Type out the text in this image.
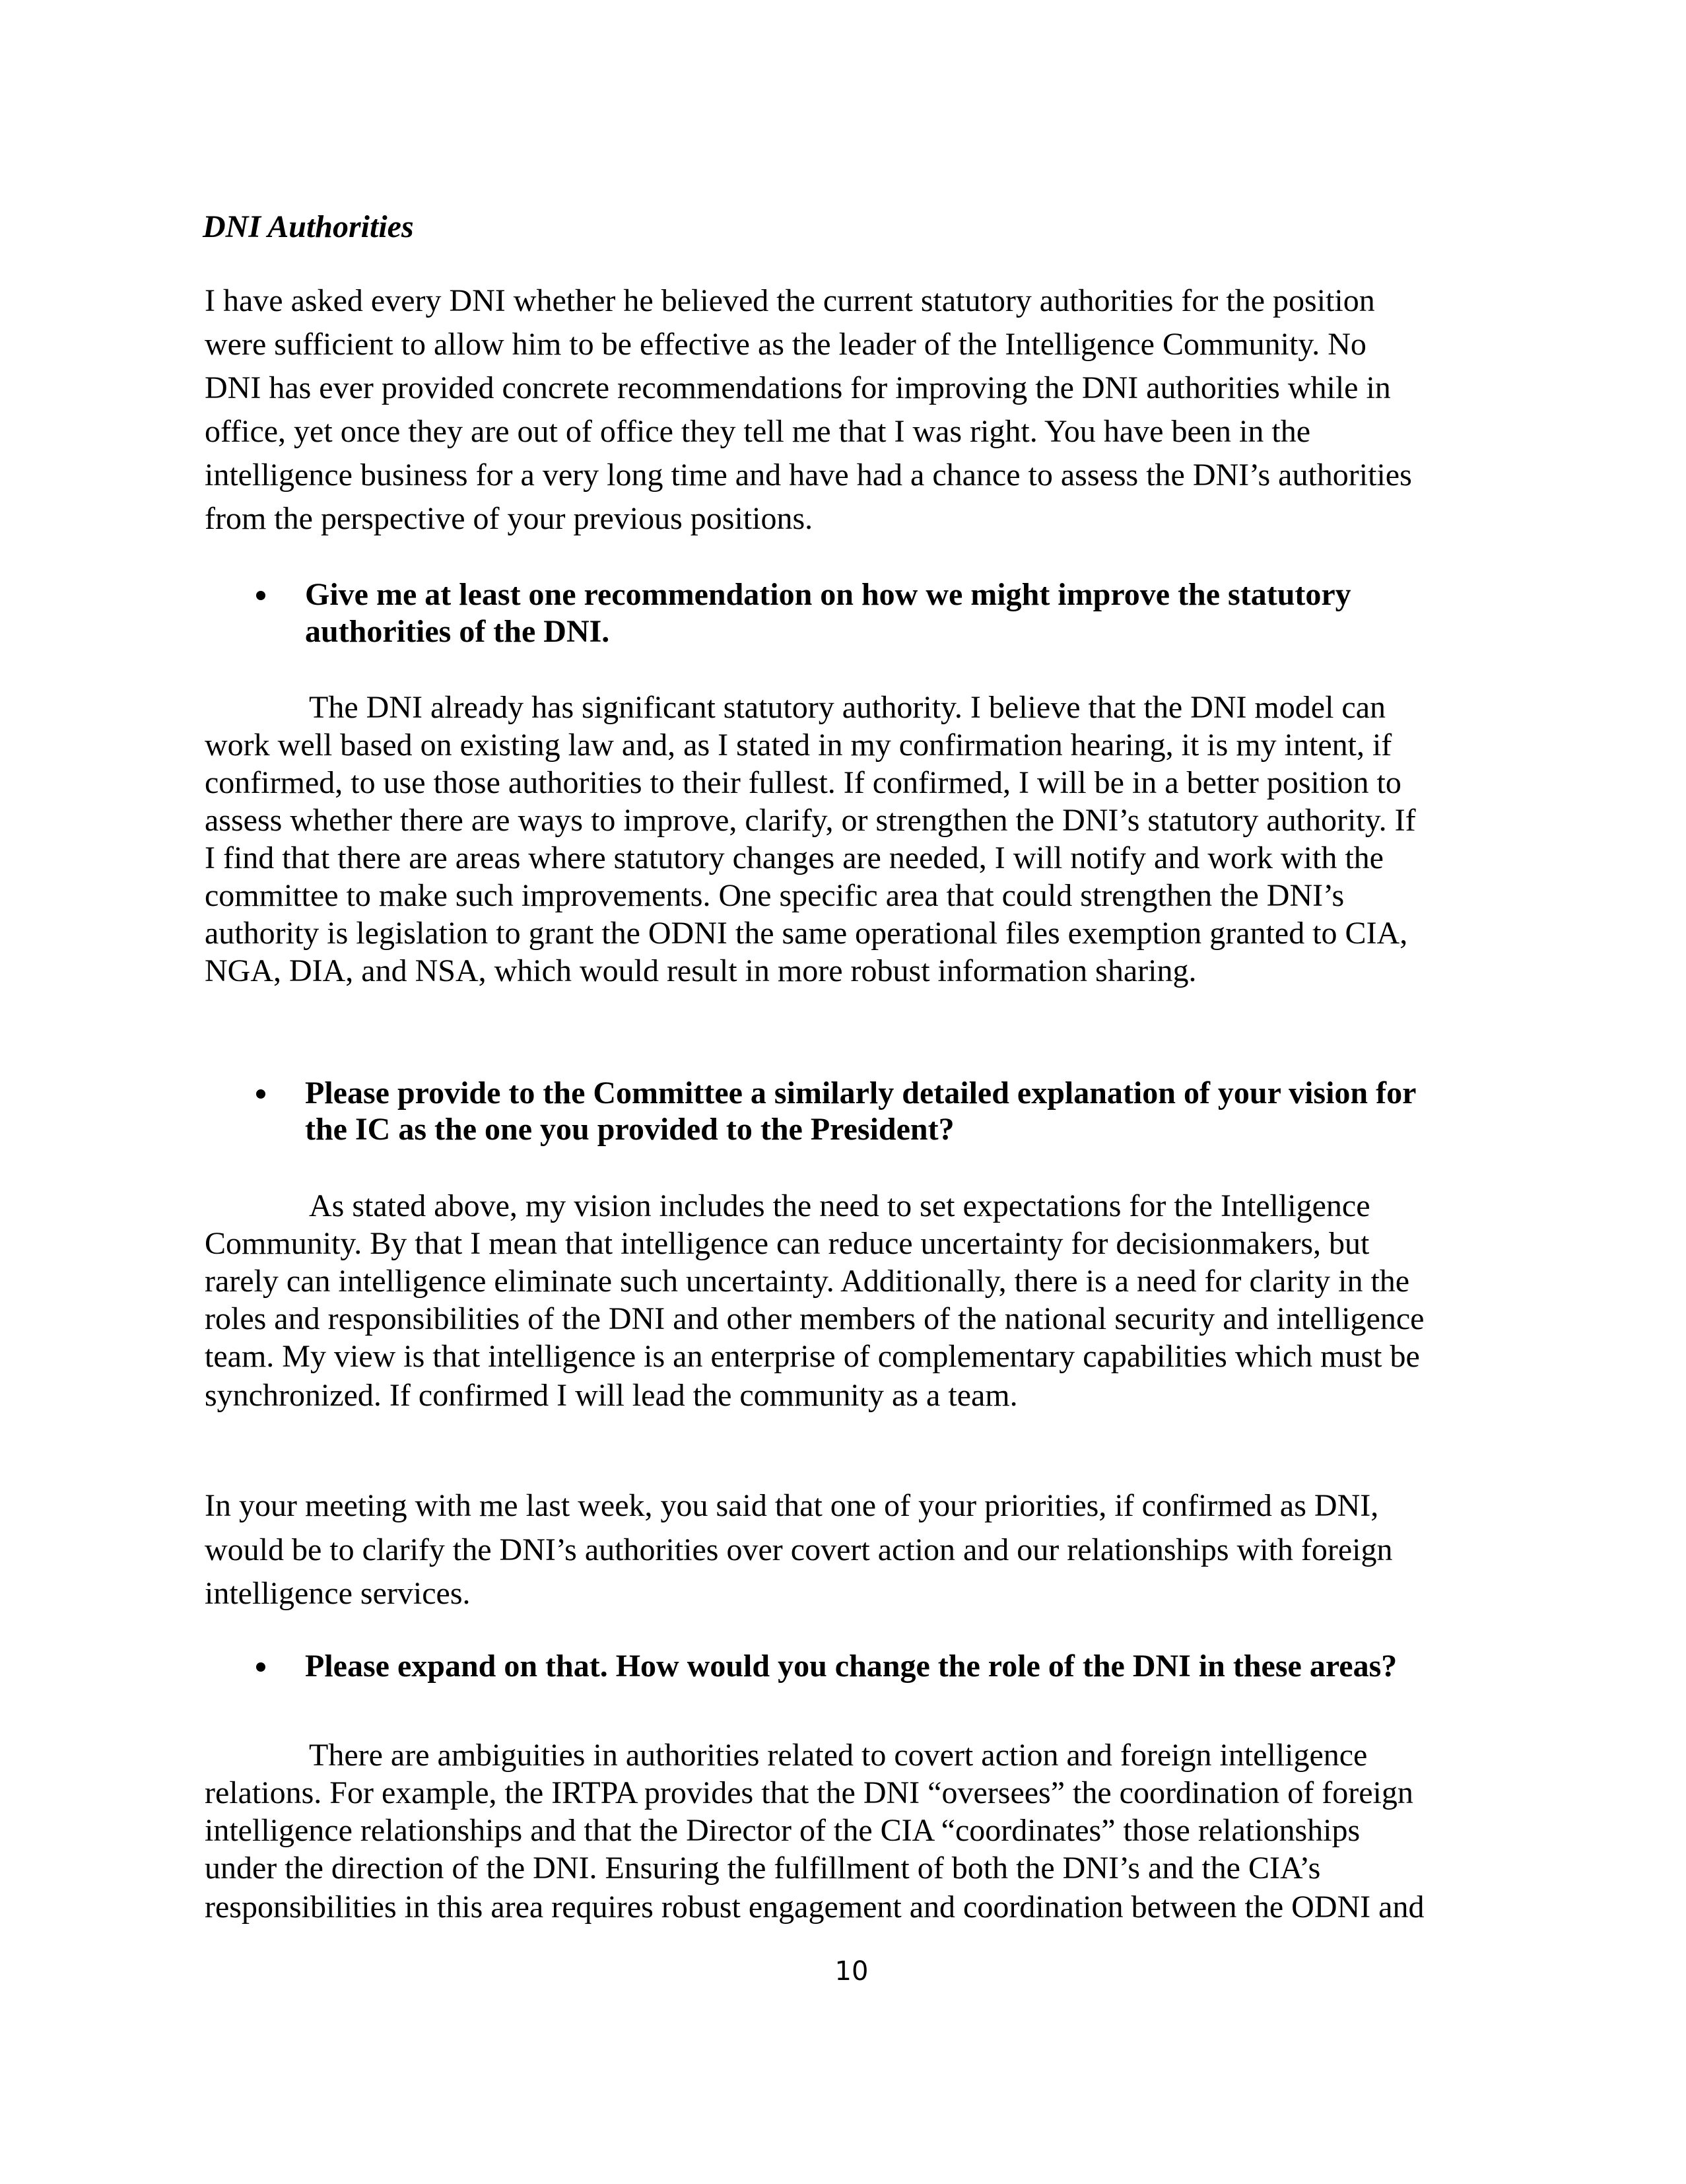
DNI Authorities
I have asked every DNI whether he believed the current statutory authorities for the position
were sufficient to allow him to be effective as the leader of the Intelligence Community. No
DNI has ever provided concrete recommendations for improving the DNI authorities while in
office, yet once they are out of office they tell me that I was right. You have been in the
intelligence business for a very long time and have had a chance to assess the DNI’s authorities
from the perspective of your previous positions.
Give me at least one recommendation on how we might improve the statutory
authorities of the DNI.
The DNI already has significant statutory authority. I believe that the DNI model can
work well based on existing law and, as I stated in my confirmation hearing, it is my intent, if
confirmed, to use those authorities to their fullest. If confirmed, I will be in a better position to
assess whether there are ways to improve, clarify, or strengthen the DNI’s statutory authority. If
I find that there are areas where statutory changes are needed, I will notify and work with the
committee to make such improvements. One specific area that could strengthen the DNI’s
authority is legislation to grant the ODNI the same operational files exemption granted to CIA,
NGA, DIA, and NSA, which would result in more robust information sharing.
Please provide to the Committee a similarly detailed explanation of your vision for
the IC as the one you provided to the President?
As stated above, my vision includes the need to set expectations for the Intelligence
Community. By that I mean that intelligence can reduce uncertainty for decisionmakers, but
rarely can intelligence eliminate such uncertainty. Additionally, there is a need for clarity in the
roles and responsibilities of the DNI and other members of the national security and intelligence
team. My view is that intelligence is an enterprise of complementary capabilities which must be
synchronized. If confirmed I will lead the community as a team.
In your meeting with me last week, you said that one of your priorities, if confirmed as DNI,
would be to clarify the DNI’s authorities over covert action and our relationships with foreign
intelligence services.
Please expand on that. How would you change the role of the DNI in these areas?
There are ambiguities in authorities related to covert action and foreign intelligence
relations. For example, the IRTPA provides that the DNI “oversees” the coordination of foreign
intelligence relationships and that the Director of the CIA “coordinates” those relationships
under the direction of the DNI. Ensuring the fulfillment of both the DNI’s and the CIA’s
responsibilities in this area requires robust engagement and coordination between the ODNI and
10
